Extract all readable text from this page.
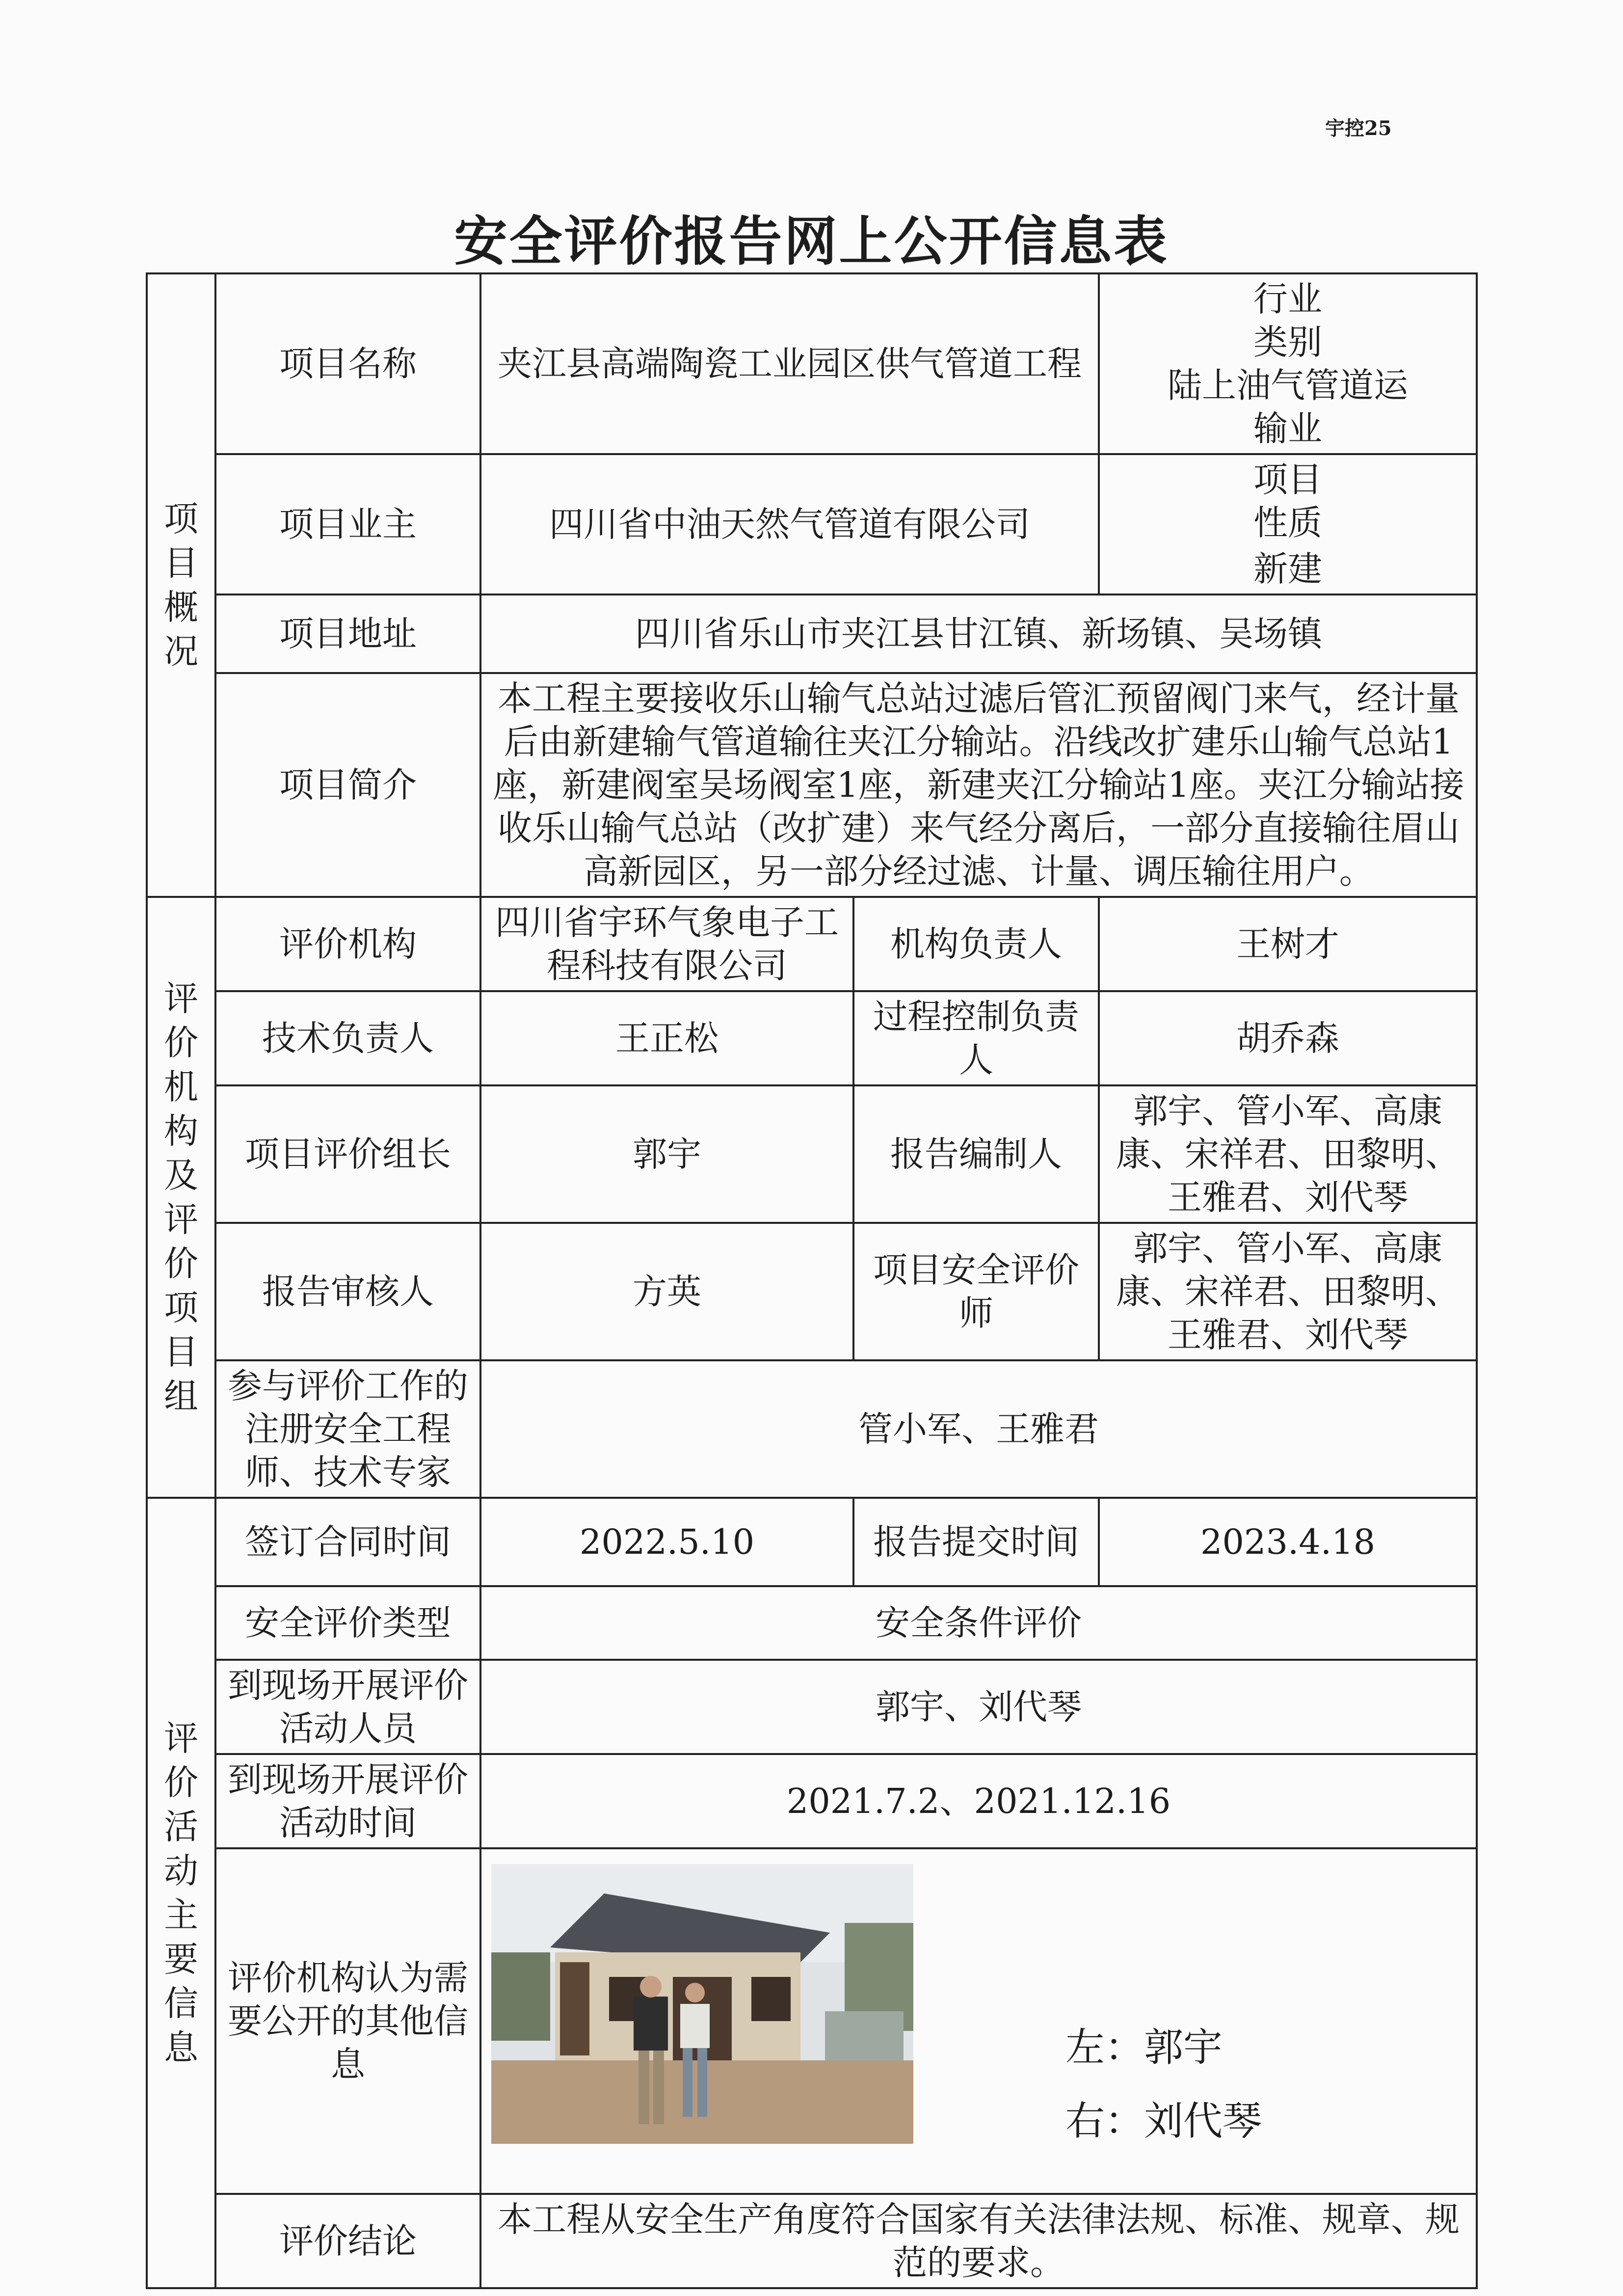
宇控25
安全评价报告网上公开信息表
项目概况	项目名称	夹江县高端陶瓷工业园区供气管道工程		行业类别 陆上油气管道运输业
	项目业主	四川省中油天然气管道有限公司		项目性质 新建
	项目地址	四川省乐山市夹江县甘江镇、新场镇、吴场镇		
	项目简介	本工程主要接收乐山输气总站过滤后管汇预留阀门来气，经计量后由新建输气管道输往夹江分输站。沿线改扩建乐山输气总站1座，新建阀室吴场阀室1座，新建夹江分输站1座。夹江分输站接收乐山输气总站（改扩建）来气经分离后，一部分直接输往眉山高新园区，另一部分经过滤、计量、调压输往用户。		
评价机构及评价项目组	评价机构	四川省宇环气象电子工程科技有限公司	机构负责人	王树才
	技术负责人	王正松	过程控制负责人	胡乔森
	项目评价组长	郭宇	报告编制人	郭宇、管小军、高康康、宋祥君、田黎明、王雅君、刘代琴
	报告审核人	方英	项目安全评价师	郭宇、管小军、高康康、宋祥君、田黎明、王雅君、刘代琴
	参与评价工作的注册安全工程师、技术专家	管小军、王雅君		
评价活动主要信息	签订合同时间	2022.5.10	报告提交时间	2023.4.18
	安全评价类型	安全条件评价		
	到现场开展评价活动人员	郭宇、刘代琴		
	到现场开展评价活动时间	2021.7.2、2021.12.16		
	评价机构认为需要公开的其他信息	左：郭宇
右：刘代琴		

	评价结论	本工程从安全生产角度符合国家有关法律法规、标准、规章、规范的要求。		
